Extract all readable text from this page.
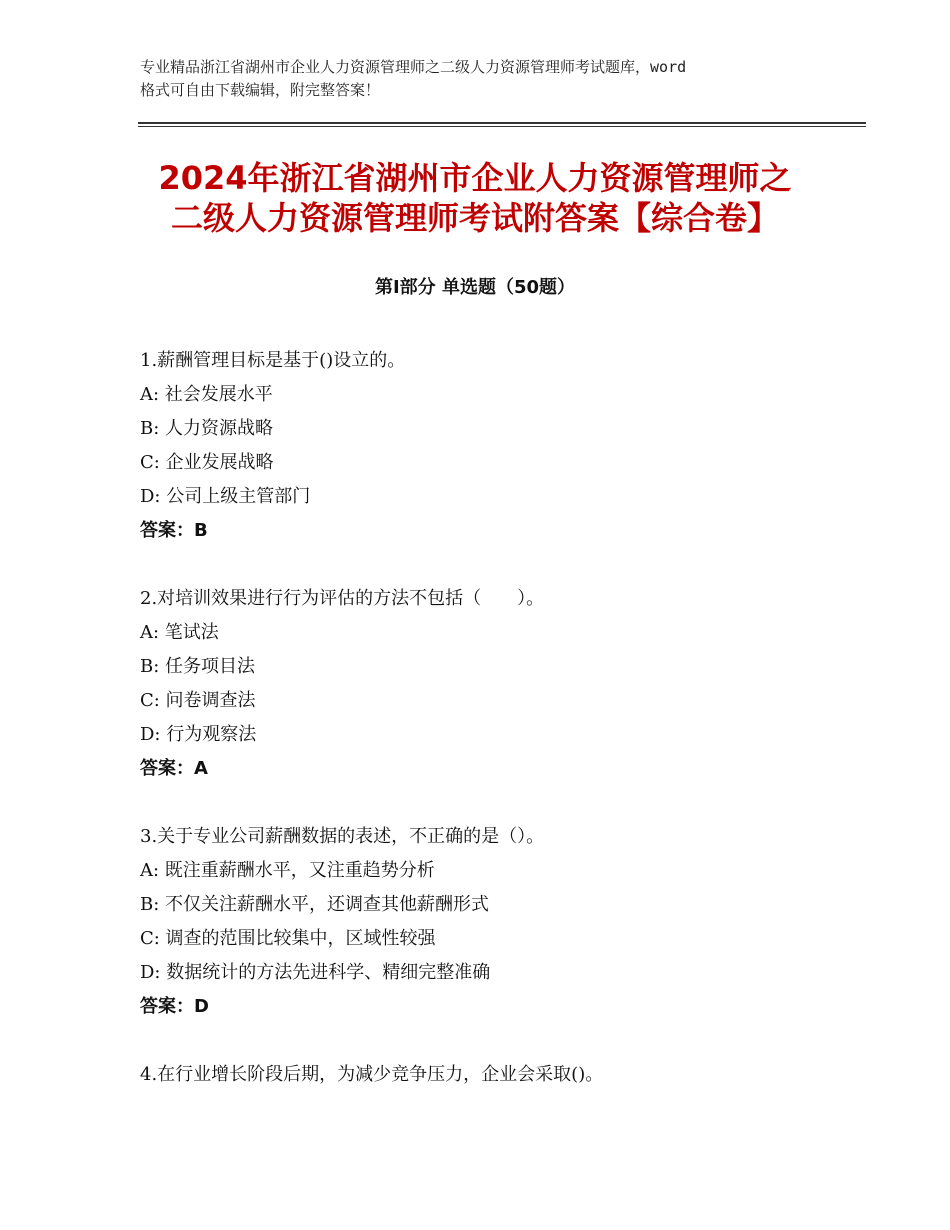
专业精品浙江省湖州市企业人力资源管理师之二级人力资源管理师考试题库，word
格式可自由下载编辑，附完整答案！
2024年浙江省湖州市企业人力资源管理师之
二级人力资源管理师考试附答案【综合卷】
第Ⅰ部分 单选题（50题）
1.薪酬管理目标是基于()设立的。
A: 社会发展水平
B: 人力资源战略
C: 企业发展战略
D: 公司上级主管部门
答案：B
2.对培训效果进行行为评估的方法不包括（　　）。
A: 笔试法
B: 任务项目法
C: 问卷调查法
D: 行为观察法
答案：A
3.关于专业公司薪酬数据的表述，不正确的是（）。
A: 既注重薪酬水平，又注重趋势分析
B: 不仅关注薪酬水平，还调查其他薪酬形式
C: 调查的范围比较集中，区域性较强
D: 数据统计的方法先进科学、精细完整准确
答案：D
4.在行业增长阶段后期，为减少竞争压力，企业会采取()。
